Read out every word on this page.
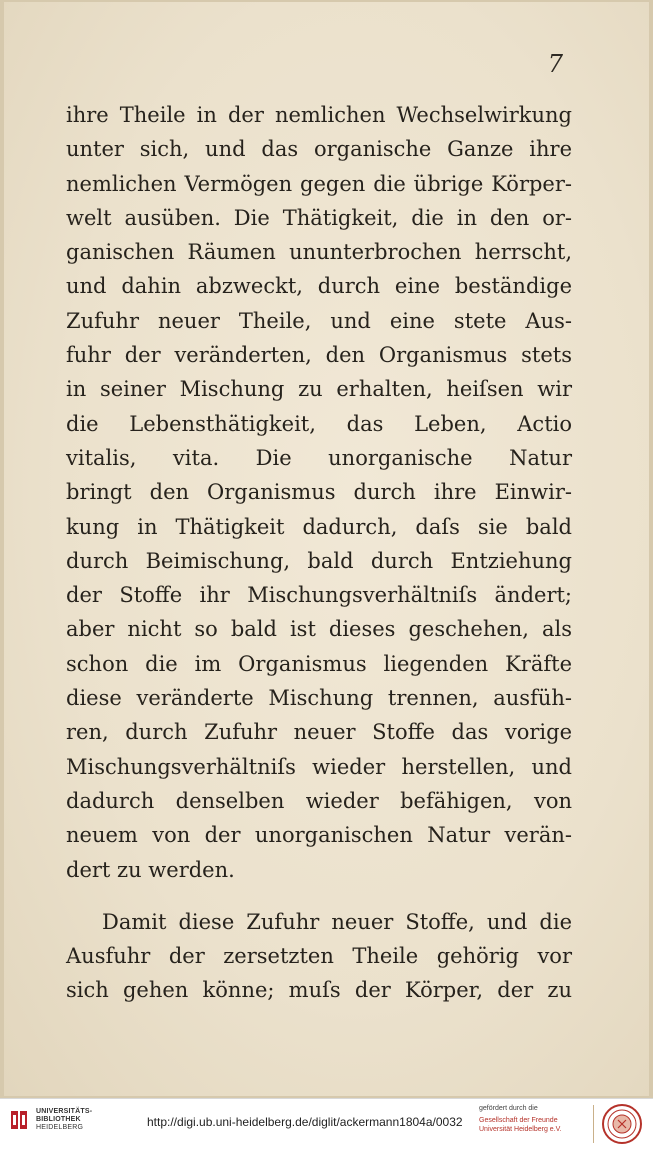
7
ihre Theile in der nemlichen Wechselwirkung
unter sich, und das organische Ganze ihre
nemlichen Vermögen gegen die übrige Körper-
welt ausüben. Die Thätigkeit, die in den or-
ganischen Räumen ununterbrochen herrscht,
und dahin abzweckt, durch eine beständige
Zufuhr neuer Theile, und eine stete Aus-
fuhr der veränderten, den Organismus stets
in seiner Mischung zu erhalten, heiſsen wir
die Lebensthätigkeit, das Leben, Actio
vitalis, vita. Die unorganische Natur
bringt den Organismus durch ihre Einwir-
kung in Thätigkeit dadurch, daſs sie bald
durch Beimischung, bald durch Entziehung
der Stoffe ihr Mischungsverhältniſs ändert;
aber nicht so bald ist dieses geschehen, als
schon die im Organismus liegenden Kräfte
diese veränderte Mischung trennen, ausfüh-
ren, durch Zufuhr neuer Stoffe das vorige
Mischungsverhältniſs wieder herstellen, und
dadurch denselben wieder befähigen, von
neuem von der unorganischen Natur verän-
dert zu werden.
Damit diese Zufuhr neuer Stoffe, und die
Ausfuhr der zersetzten Theile gehörig vor
sich gehen könne; muſs der Körper, der zu
UNIVERSITÄTS-
BIBLIOTHEK
HEIDELBERG	http://digi.ub.uni-heidelberg.de/diglit/ackermann1804a/0032
gefördert durch die
Gesellschaft der Freunde
Universität Heidelberg e.V.
